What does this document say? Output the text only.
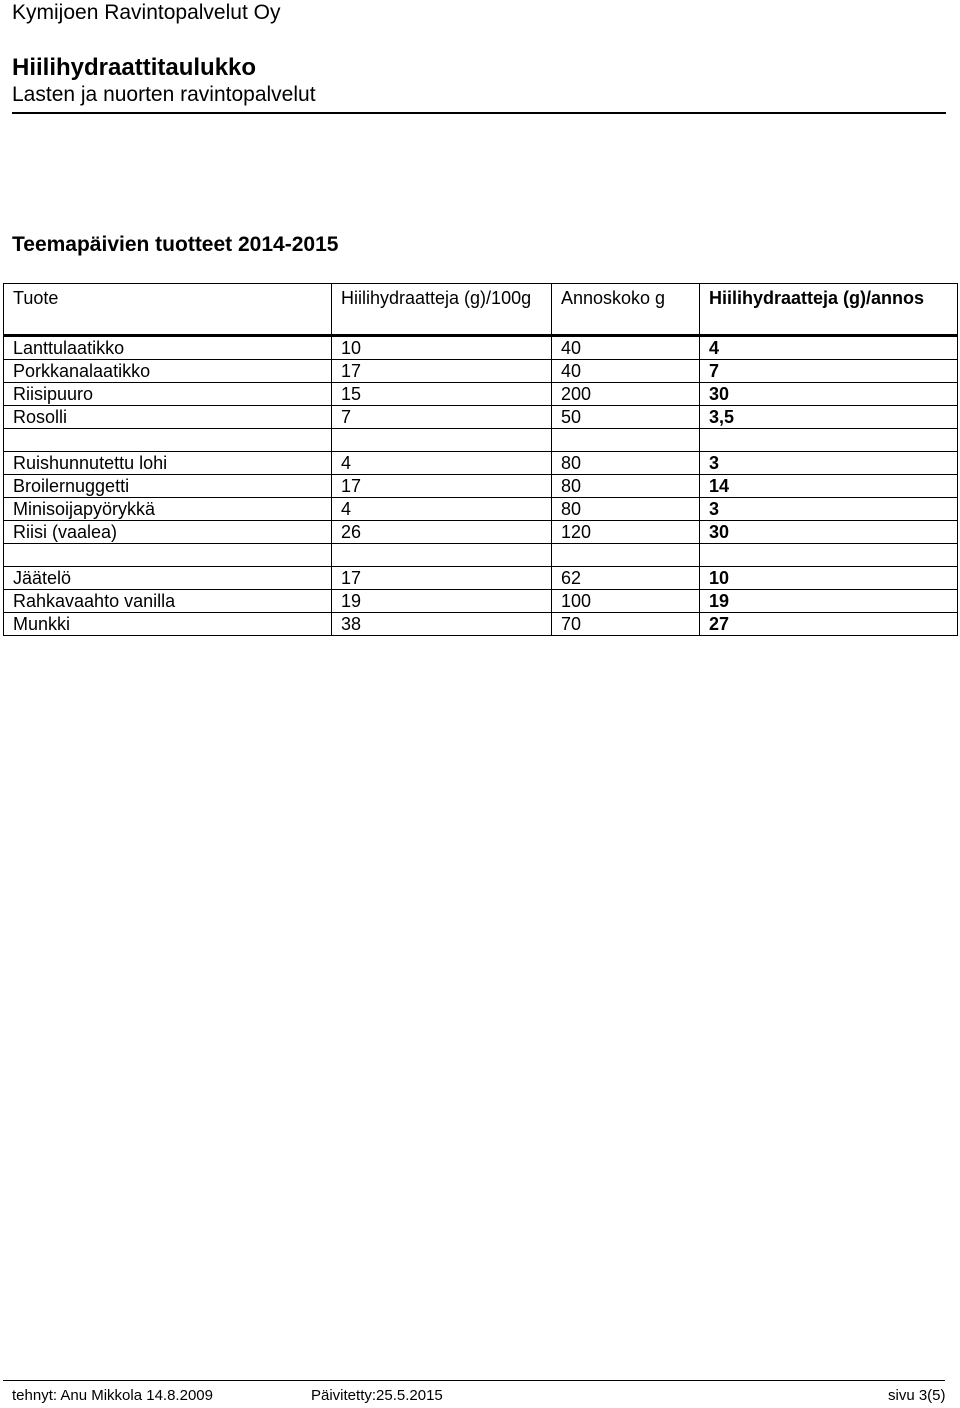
Kymijoen Ravintopalvelut Oy
Hiilihydraattitaulukko
Lasten ja nuorten ravintopalvelut
Teemapäivien tuotteet 2014-2015
Tuote	Hiilihydraatteja (g)/100g	Annoskoko g	Hiilihydraatteja (g)/annos
Lanttulaatikko	10	40	4
Porkkanalaatikko	17	40	7
Riisipuuro	15	200	30
Rosolli	7	50	3,5

Ruishunnutettu lohi	4	80	3
Broilernuggetti	17	80	14
Minisoijapyörykkä	4	80	3
Riisi (vaalea)	26	120	30

Jäätelö	17	62	10
Rahkavaahto vanilla	19	100	19
Munkki	38	70	27
tehnyt: Anu Mikkola 14.8.2009	Päivitetty:25.5.2015	sivu 3(5)
